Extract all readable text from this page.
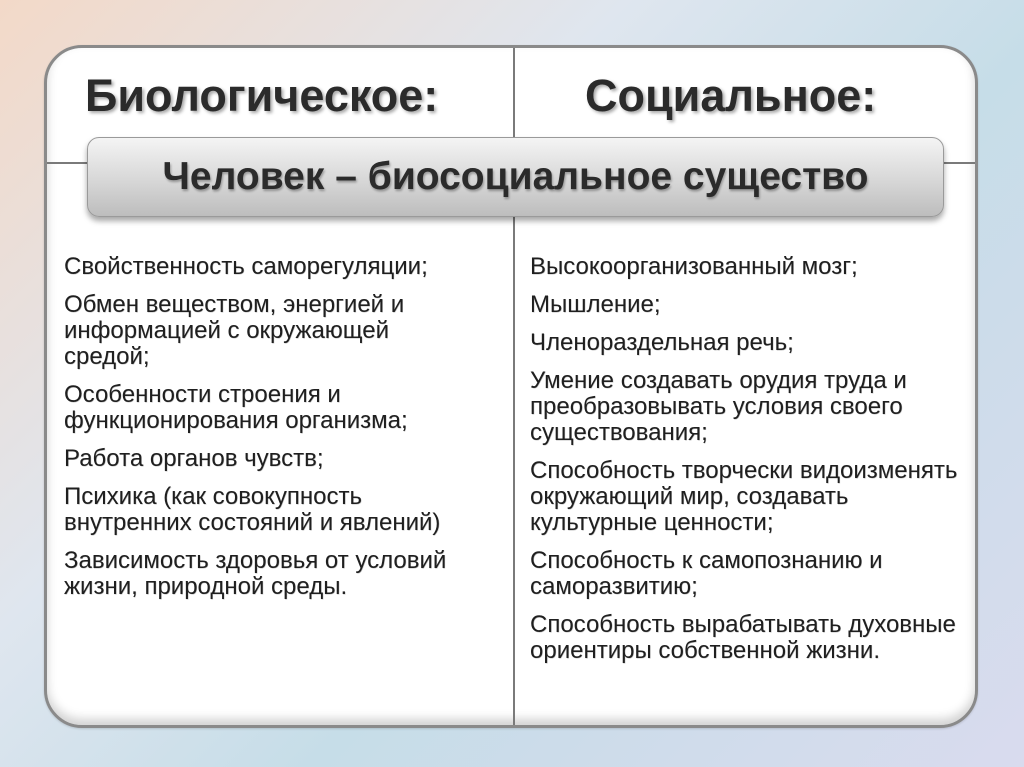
Биологическое:	Социальное:
Человек – биосоциальное существо
Свойственность саморегуляции;
Обмен веществом, энергией и информацией с окружающей средой;
Особенности строения и функционирования организма;
Работа органов чувств;
Психика (как совокупность внутренних состояний и явлений)
Зависимость здоровья от условий жизни, природной среды.
Высокоорганизованный мозг;
Мышление;
Членораздельная речь;
Умение создавать орудия труда и преобразовывать условия своего существования;
Способность творчески видоизменять окружающий мир, создавать культурные ценности;
Способность к самопознанию и саморазвитию;
Способность вырабатывать духовные ориентиры собственной жизни.
